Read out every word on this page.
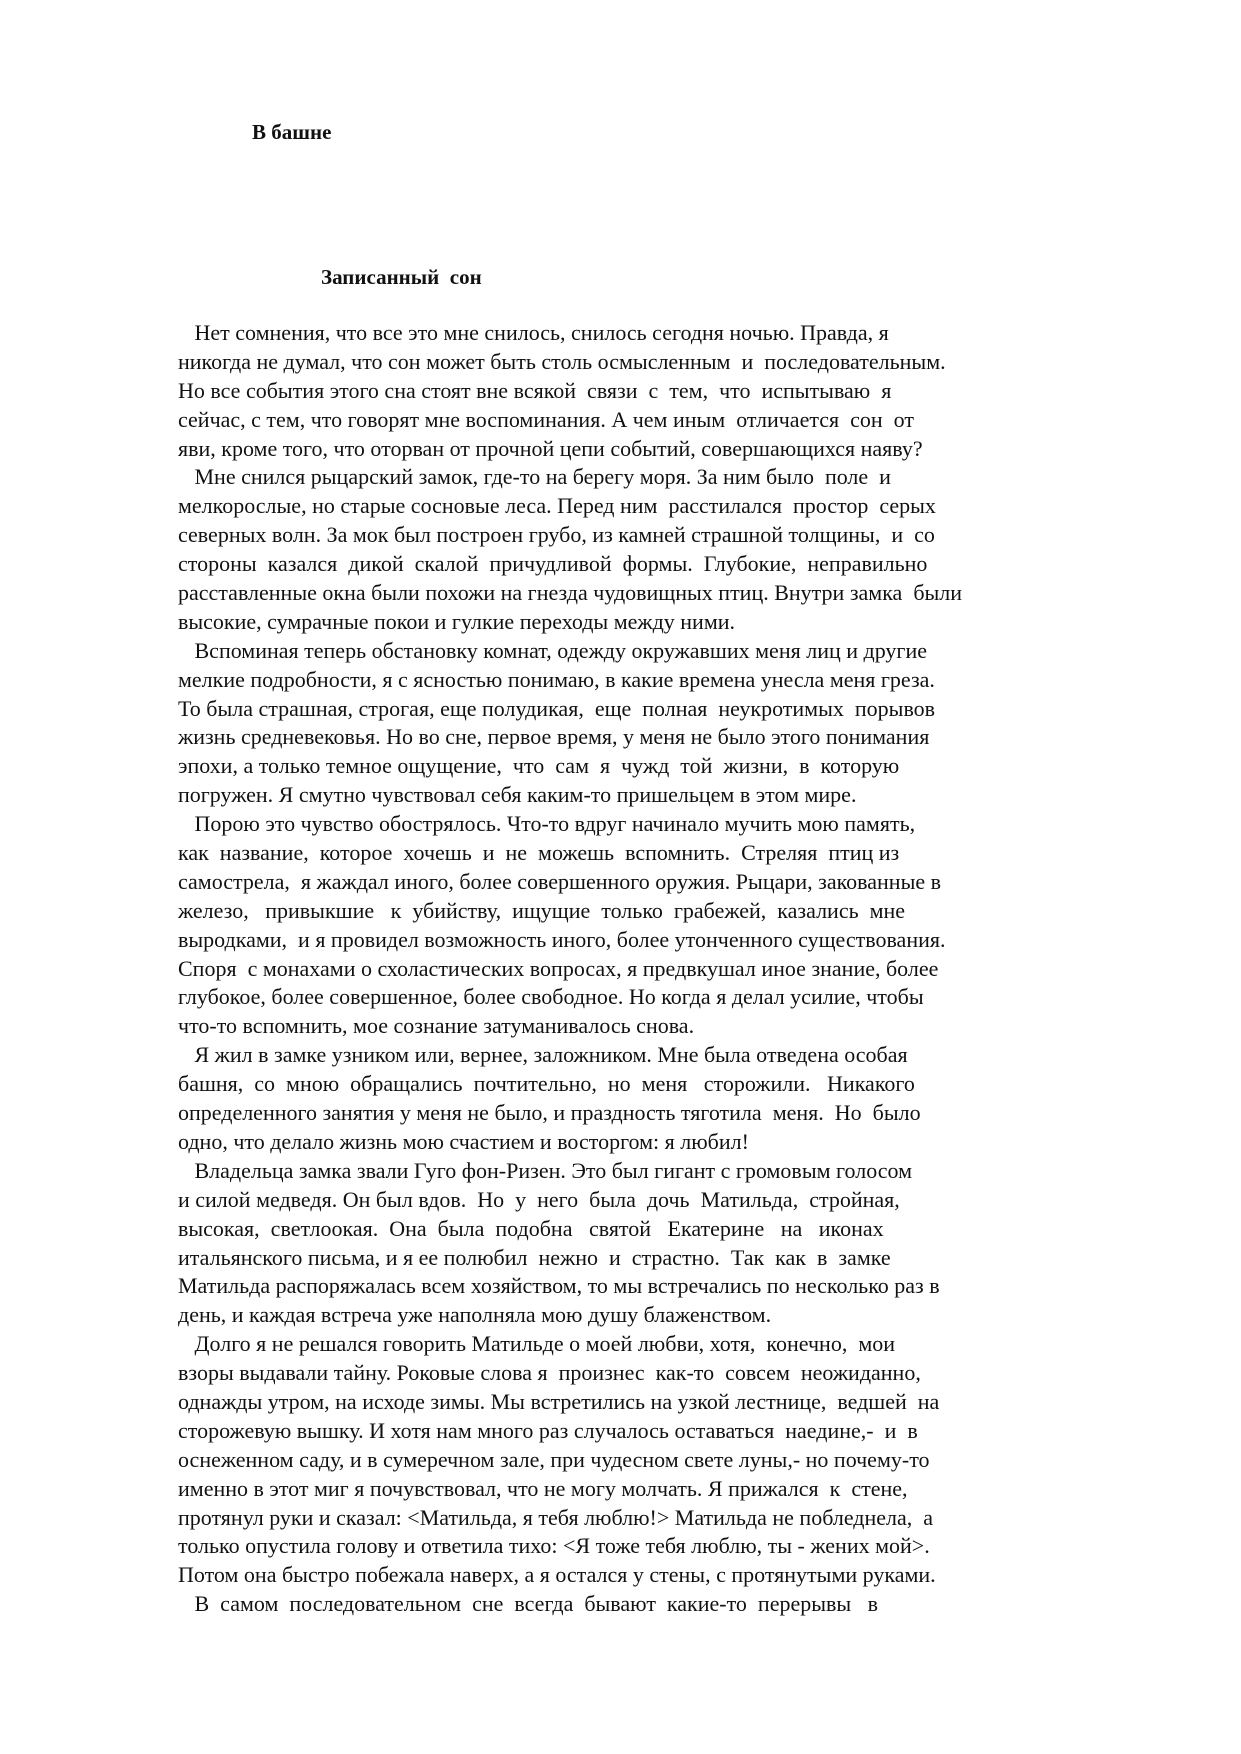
В башне
Записанный  сон
Нет сомнения, что все это мне снилось, снилось сегодня ночью. Правда, я
никогда не думал, что сон может быть столь осмысленным  и  последовательным.
Но все события этого сна стоят вне всякой  связи  с  тем,  что  испытываю  я
сейчас, с тем, что говорят мне воспоминания. А чем иным  отличается  сон  от
яви, кроме того, что оторван от прочной цепи событий, совершающихся наяву?
Мне снился рыцарский замок, где-то на берегу моря. За ним было  поле  и
мелкорослые, но старые сосновые леса. Перед ним  расстилался  простор  серых
северных волн. За мок был построен грубо, из камней страшной толщины,  и  со
стороны  казался  дикой  скалой  причудливой  формы.  Глубокие,  неправильно
расставленные окна были похожи на гнезда чудовищных птиц. Внутри замка  были
высокие, сумрачные покои и гулкие переходы между ними.
Вспоминая теперь обстановку комнат, одежду окружавших меня лиц и другие
мелкие подробности, я с ясностью понимаю, в какие времена унесла меня греза.
То была страшная, строгая, еще полудикая,  еще  полная  неукротимых  порывов
жизнь средневековья. Но во сне, первое время, у меня не было этого понимания
эпохи, а только темное ощущение,  что  сам  я  чужд  той  жизни,  в  которую
погружен. Я смутно чувствовал себя каким-то пришельцем в этом мире.
Порою это чувство обострялось. Что-то вдруг начинало мучить мою память,
как  название,  которое  хочешь  и  не  можешь  вспомнить.  Стреляя  птиц из
самострела,  я жаждал иного, более совершенного оружия. Рыцари, закованные в
железо,   привыкшие   к  убийству,  ищущие  только  грабежей,  казались  мне
выродками,  и я провидел возможность иного, более утонченного существования.
Споря  с монахами о схоластических вопросах, я предвкушал иное знание, более
глубокое, более совершенное, более свободное. Но когда я делал усилие, чтобы
что-то вспомнить, мое сознание затуманивалось снова.
Я жил в замке узником или, вернее, заложником. Мне была отведена особая
башня,  со  мною  обращались  почтительно,  но  меня   сторожили.   Никакого
определенного занятия у меня не было, и праздность тяготила  меня.  Но  было
одно, что делало жизнь мою счастием и восторгом: я любил!
Владельца замка звали Гуго фон-Ризен. Это был гигант с громовым голосом
и силой медведя. Он был вдов.  Но  у  него  была  дочь  Матильда,  стройная,
высокая,  светлоокая.  Она  была  подобна   святой   Екатерине   на   иконах
итальянского письма, и я ее полюбил  нежно  и  страстно.  Так  как  в  замке
Матильда распоряжалась всем хозяйством, то мы встречались по несколько раз в
день, и каждая встреча уже наполняла мою душу блаженством.
Долго я не решался говорить Матильде о моей любви, хотя,  конечно,  мои
взоры выдавали тайну. Роковые слова я  произнес  как-то  совсем  неожиданно,
однажды утром, на исходе зимы. Мы встретились на узкой лестнице,  ведшей  на
сторожевую вышку. И хотя нам много раз случалось оставаться  наедине,-  и  в
оснеженном саду, и в сумеречном зале, при чудесном свете луны,- но почему-то
именно в этот миг я почувствовал, что не могу молчать. Я прижался  к  стене,
протянул руки и сказал: <Матильда, я тебя люблю!> Матильда не побледнела,  а
только опустила голову и ответила тихо: <Я тоже тебя люблю, ты - жених мой>.
Потом она быстро побежала наверх, а я остался у стены, с протянутыми руками.
В  самом  последовательном  сне  всегда  бывают  какие-то  перерывы   в
